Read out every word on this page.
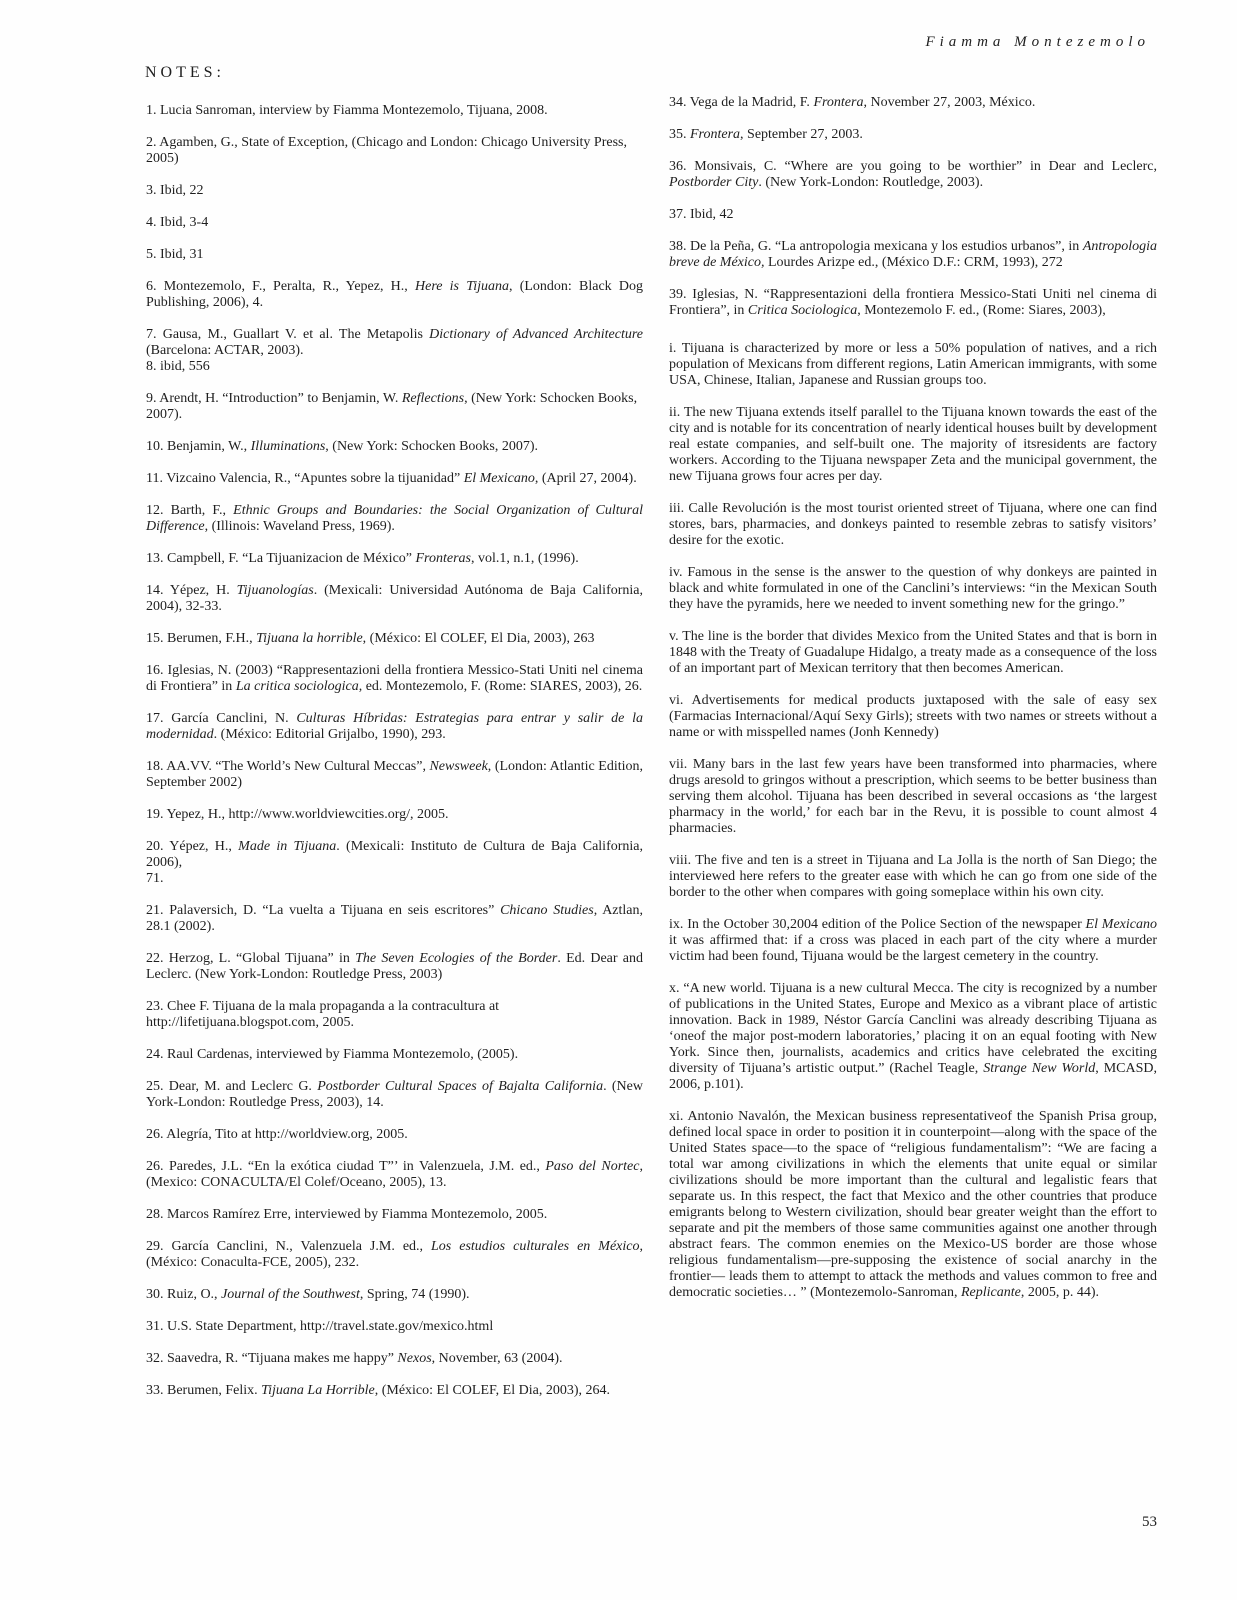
Fiamma Montezemolo
NOTES:

1. Lucia Sanroman, interview by Fiamma Montezemolo, Tijuana, 2008.

2. Agamben, G., State of Exception, (Chicago and London: Chicago University Press,
2005)

3. Ibid, 22

4. Ibid, 3-4

5. Ibid, 31

6. Montezemolo, F., Peralta, R., Yepez, H., Here is Tijuana, (London: Black Dog Publishing, 2006), 4.

7. Gausa, M., Guallart V. et al. The Metapolis Dictionary of Advanced Architecture (Barcelona: ACTAR, 2003).
8. ibid, 556

9. Arendt, H. “Introduction” to Benjamin, W. Reflections, (New York: Schocken Books,
2007).

10. Benjamin, W., Illuminations, (New York: Schocken Books, 2007).

11. Vizcaino Valencia, R., “Apuntes sobre la tijuanidad” El Mexicano, (April 27, 2004).

12. Barth, F., Ethnic Groups and Boundaries: the Social Organization of Cultural Difference, (Illinois: Waveland Press, 1969).

13. Campbell, F. “La Tijuanizacion de México” Fronteras, vol.1, n.1, (1996).

14. Yépez, H. Tijuanologías. (Mexicali: Universidad Autónoma de Baja California, 2004), 32-33.

15. Berumen, F.H., Tijuana la horrible, (México: El COLEF, El Dia, 2003), 263

16. Iglesias, N. (2003) “Rappresentazioni della frontiera Messico-Stati Uniti nel cinema di Frontiera” in La critica sociologica, ed. Montezemolo, F. (Rome: SIARES, 2003), 26.

17. García Canclini, N. Culturas Híbridas: Estrategias para entrar y salir de la modernidad. (México: Editorial Grijalbo, 1990), 293.

18. AA.VV. “The World’s New Cultural Meccas”, Newsweek, (London: Atlantic Edition, September 2002)

19. Yepez, H., http://www.worldviewcities.org/, 2005.

20. Yépez, H., Made in Tijuana. (Mexicali: Instituto de Cultura de Baja California, 2006),
71.

21. Palaversich, D. “La vuelta a Tijuana en seis escritores” Chicano Studies, Aztlan, 28.1 (2002).

22. Herzog, L. “Global Tijuana” in The Seven Ecologies of the Border. Ed. Dear and Leclerc. (New York-London: Routledge Press, 2003)

23. Chee F. Tijuana de la mala propaganda a la contracultura at
http://lifetijuana.blogspot.com, 2005.

24. Raul Cardenas, interviewed by Fiamma Montezemolo, (2005).

25. Dear, M. and Leclerc G. Postborder Cultural Spaces of Bajalta California. (New York-London: Routledge Press, 2003), 14.

26. Alegría, Tito at http://worldview.org, 2005.

26. Paredes, J.L. “En la exótica ciudad T”’ in Valenzuela, J.M. ed., Paso del Nortec, (Mexico: CONACULTA/El Colef/Oceano, 2005), 13.

28. Marcos Ramírez Erre, interviewed by Fiamma Montezemolo, 2005.

29. García Canclini, N., Valenzuela J.M. ed., Los estudios culturales en México, (México: Conaculta-FCE, 2005), 232.

30. Ruiz, O., Journal of the Southwest, Spring, 74 (1990).

31. U.S. State Department, http://travel.state.gov/mexico.html

32. Saavedra, R. “Tijuana makes me happy” Nexos, November, 63 (2004).

33. Berumen, Felix. Tijuana La Horrible, (México: El COLEF, El Dia, 2003), 264.

34. Vega de la Madrid, F. Frontera, November 27, 2003, México.

35. Frontera, September 27, 2003.

36. Monsivais, C. “Where are you going to be worthier” in Dear and Leclerc, Postborder City. (New York-London: Routledge, 2003).

37. Ibid, 42

38. De la Peña, G. “La antropologia mexicana y los estudios urbanos”, in Antropologia breve de México, Lourdes Arizpe ed., (México D.F.: CRM, 1993), 272

39. Iglesias, N. “Rappresentazioni della frontiera Messico-Stati Uniti nel cinema di Frontiera”, in Critica Sociologica, Montezemolo F. ed., (Rome: Siares, 2003),

i. Tijuana is characterized by more or less a 50% population of natives, and a rich population of Mexicans from different regions, Latin American immigrants, with some USA, Chinese, Italian, Japanese and Russian groups too.

ii. The new Tijuana extends itself parallel to the Tijuana known towards the east of the city and is notable for its concentration of nearly identical houses built by development real estate companies, and self-built one. The majority of itsresidents are factory workers. According to the Tijuana newspaper Zeta and the municipal government, the new Tijuana grows four acres per day.

iii. Calle Revolución is the most tourist oriented street of Tijuana, where one can find stores, bars, pharmacies, and donkeys painted to resemble zebras to satisfy visitors’ desire for the exotic.

iv. Famous in the sense is the answer to the question of why donkeys are painted in black and white formulated in one of the Canclini’s interviews: “in the Mexican South they have the pyramids, here we needed to invent something new for the gringo.”

v. The line is the border that divides Mexico from the United States and that is born in 1848 with the Treaty of Guadalupe Hidalgo, a treaty made as a consequence of the loss of an important part of Mexican territory that then becomes American.

vi. Advertisements for medical products juxtaposed with the sale of easy sex (Farmacias Internacional/Aquí Sexy Girls); streets with two names or streets without a name or with misspelled names (Jonh Kennedy)

vii. Many bars in the last few years have been transformed into pharmacies, where drugs aresold to gringos without a prescription, which seems to be better business than serving them alcohol. Tijuana has been described in several occasions as ‘the largest pharmacy in the world,’ for each bar in the Revu, it is possible to count almost 4 pharmacies.

viii. The five and ten is a street in Tijuana and La Jolla is the north of San Diego; the interviewed here refers to the greater ease with which he can go from one side of the border to the other when compares with going someplace within his own city.

ix. In the October 30,2004 edition of the Police Section of the newspaper El Mexicano it was affirmed that: if a cross was placed in each part of the city where a murder victim had been found, Tijuana would be the largest cemetery in the country.

x. “A new world. Tijuana is a new cultural Mecca. The city is recognized by a number of publications in the United States, Europe and Mexico as a vibrant place of artistic innovation. Back in 1989, Néstor García Canclini was already describing Tijuana as ‘oneof the major post-modern laboratories,’ placing it on an equal footing with New York. Since then, journalists, academics and critics have celebrated the exciting diversity of Tijuana’s artistic output.” (Rachel Teagle, Strange New World, MCASD, 2006, p.101).

xi. Antonio Navalón, the Mexican business representativeof the Spanish Prisa group, defined local space in order to position it in counterpoint—along with the space of the United States space—to the space of “religious fundamentalism”: “We are facing a total war among civilizations in which the elements that unite equal or similar civilizations should be more important than the cultural and legalistic fears that separate us. In this respect, the fact that Mexico and the other countries that produce emigrants belong to Western civilization, should bear greater weight than the effort to separate and pit the members of those same communities against one another through abstract fears. The common enemies on the Mexico-US border are those whose religious fundamentalism—pre-supposing the existence of social anarchy in the frontier— leads them to attempt to attack the methods and values common to free and democratic societies… ” (Montezemolo-Sanroman, Replicante, 2005, p. 44).

53
